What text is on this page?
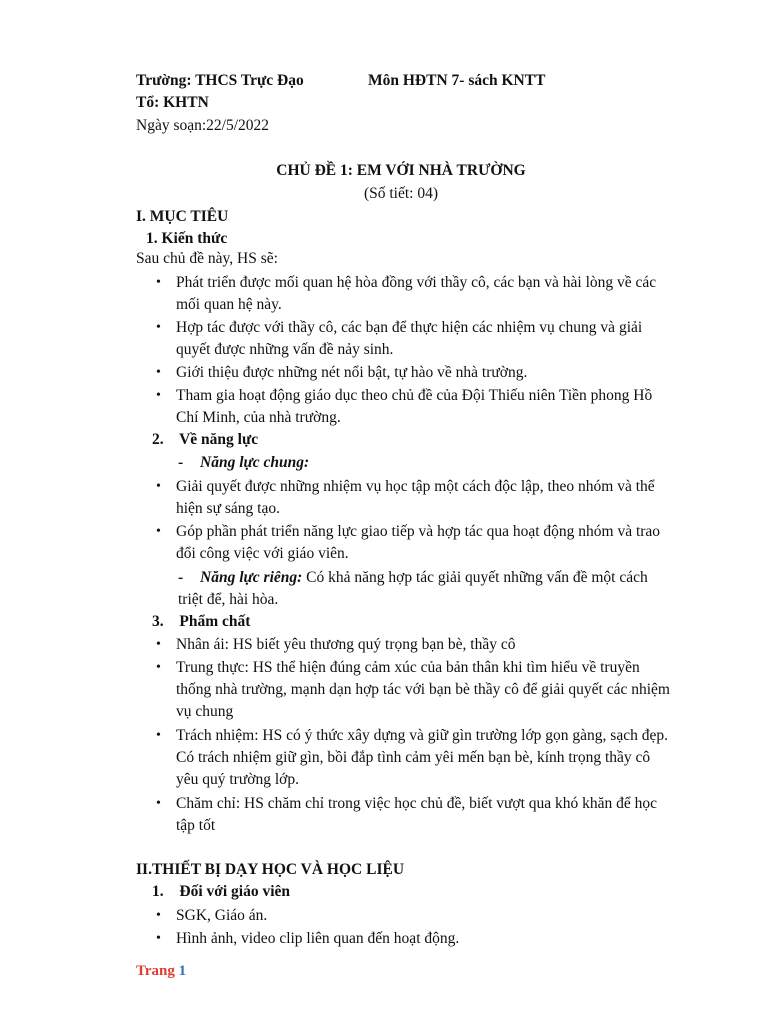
Trường: THCS Trực Đạo	Môn HĐTN 7- sách KNTT
Tổ: KHTN
Ngày soạn:22/5/2022
CHỦ ĐỀ 1: EM VỚI NHÀ TRƯỜNG
(Số tiết: 04)
I. MỤC TIÊU
1. Kiến thức
Sau chủ đề này, HS sẽ:
• Phát triển được mối quan hệ hòa đồng với thầy cô, các bạn và hài lòng về các mối quan hệ này.
• Hợp tác được với thầy cô, các bạn để thực hiện các nhiệm vụ chung và giải quyết được những vấn đề nảy sinh.
• Giới thiệu được những nét nổi bật, tự hào về nhà trường.
• Tham gia hoạt động giáo dục theo chủ đề của Đội Thiếu niên Tiền phong Hồ Chí Minh, của nhà trường.
2. Về năng lực
- Năng lực chung:
• Giải quyết được những nhiệm vụ học tập một cách độc lập, theo nhóm và thể hiện sự sáng tạo.
• Góp phần phát triển năng lực giao tiếp và hợp tác qua hoạt động nhóm và trao đổi công việc với giáo viên.
- Năng lực riêng: Có khả năng hợp tác giải quyết những vấn đề một cách triệt để, hài hòa.
3. Phẩm chất
• Nhân ái: HS biết yêu thương quý trọng bạn bè, thầy cô
• Trung thực: HS thể hiện đúng cảm xúc của bản thân khi tìm hiểu về truyền thống nhà trường, mạnh dạn hợp tác với bạn bè thầy cô để giải quyết các nhiệm vụ chung
• Trách nhiệm: HS có ý thức xây dựng và giữ gìn trường lớp gọn gàng, sạch đẹp. Có trách nhiệm giữ gìn, bồi đắp tình cảm yêi mến bạn bè, kính trọng thầy cô yêu quý trường lớp.
• Chăm chỉ: HS chăm chỉ trong việc học chủ đề, biết vượt qua khó khăn để học tập tốt
II.THIẾT BỊ DẠY HỌC VÀ HỌC LIỆU
1. Đối với giáo viên
• SGK, Giáo án.
• Hình ảnh, video clip liên quan đến hoạt động.
Trang 1
